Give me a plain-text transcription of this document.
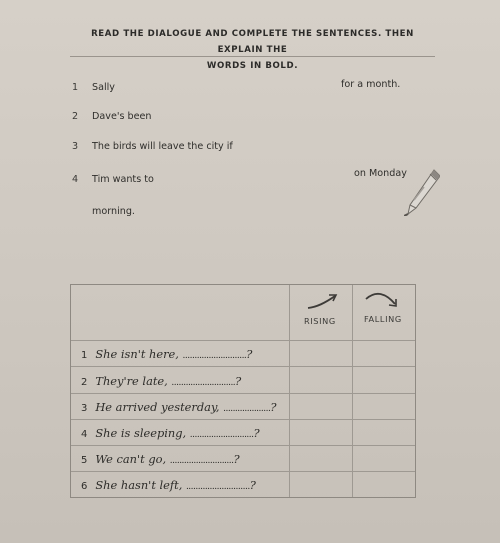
READ THE DIALOGUE AND COMPLETE THE SENTENCES. THEN EXPLAIN THE
WORDS IN BOLD.
1 Sally	for a month.
2 Dave's been
3 The birds will leave the city if
4 Tim wants to
on Monday
morning.
RISING	FALLING
1 She isn't here, ...........................?
2 They're late, ...........................?
3 He arrived yesterday, ....................?
4 She is sleeping, ...........................?
5 We can't go, ...........................?
6 She hasn't left, ...........................?
